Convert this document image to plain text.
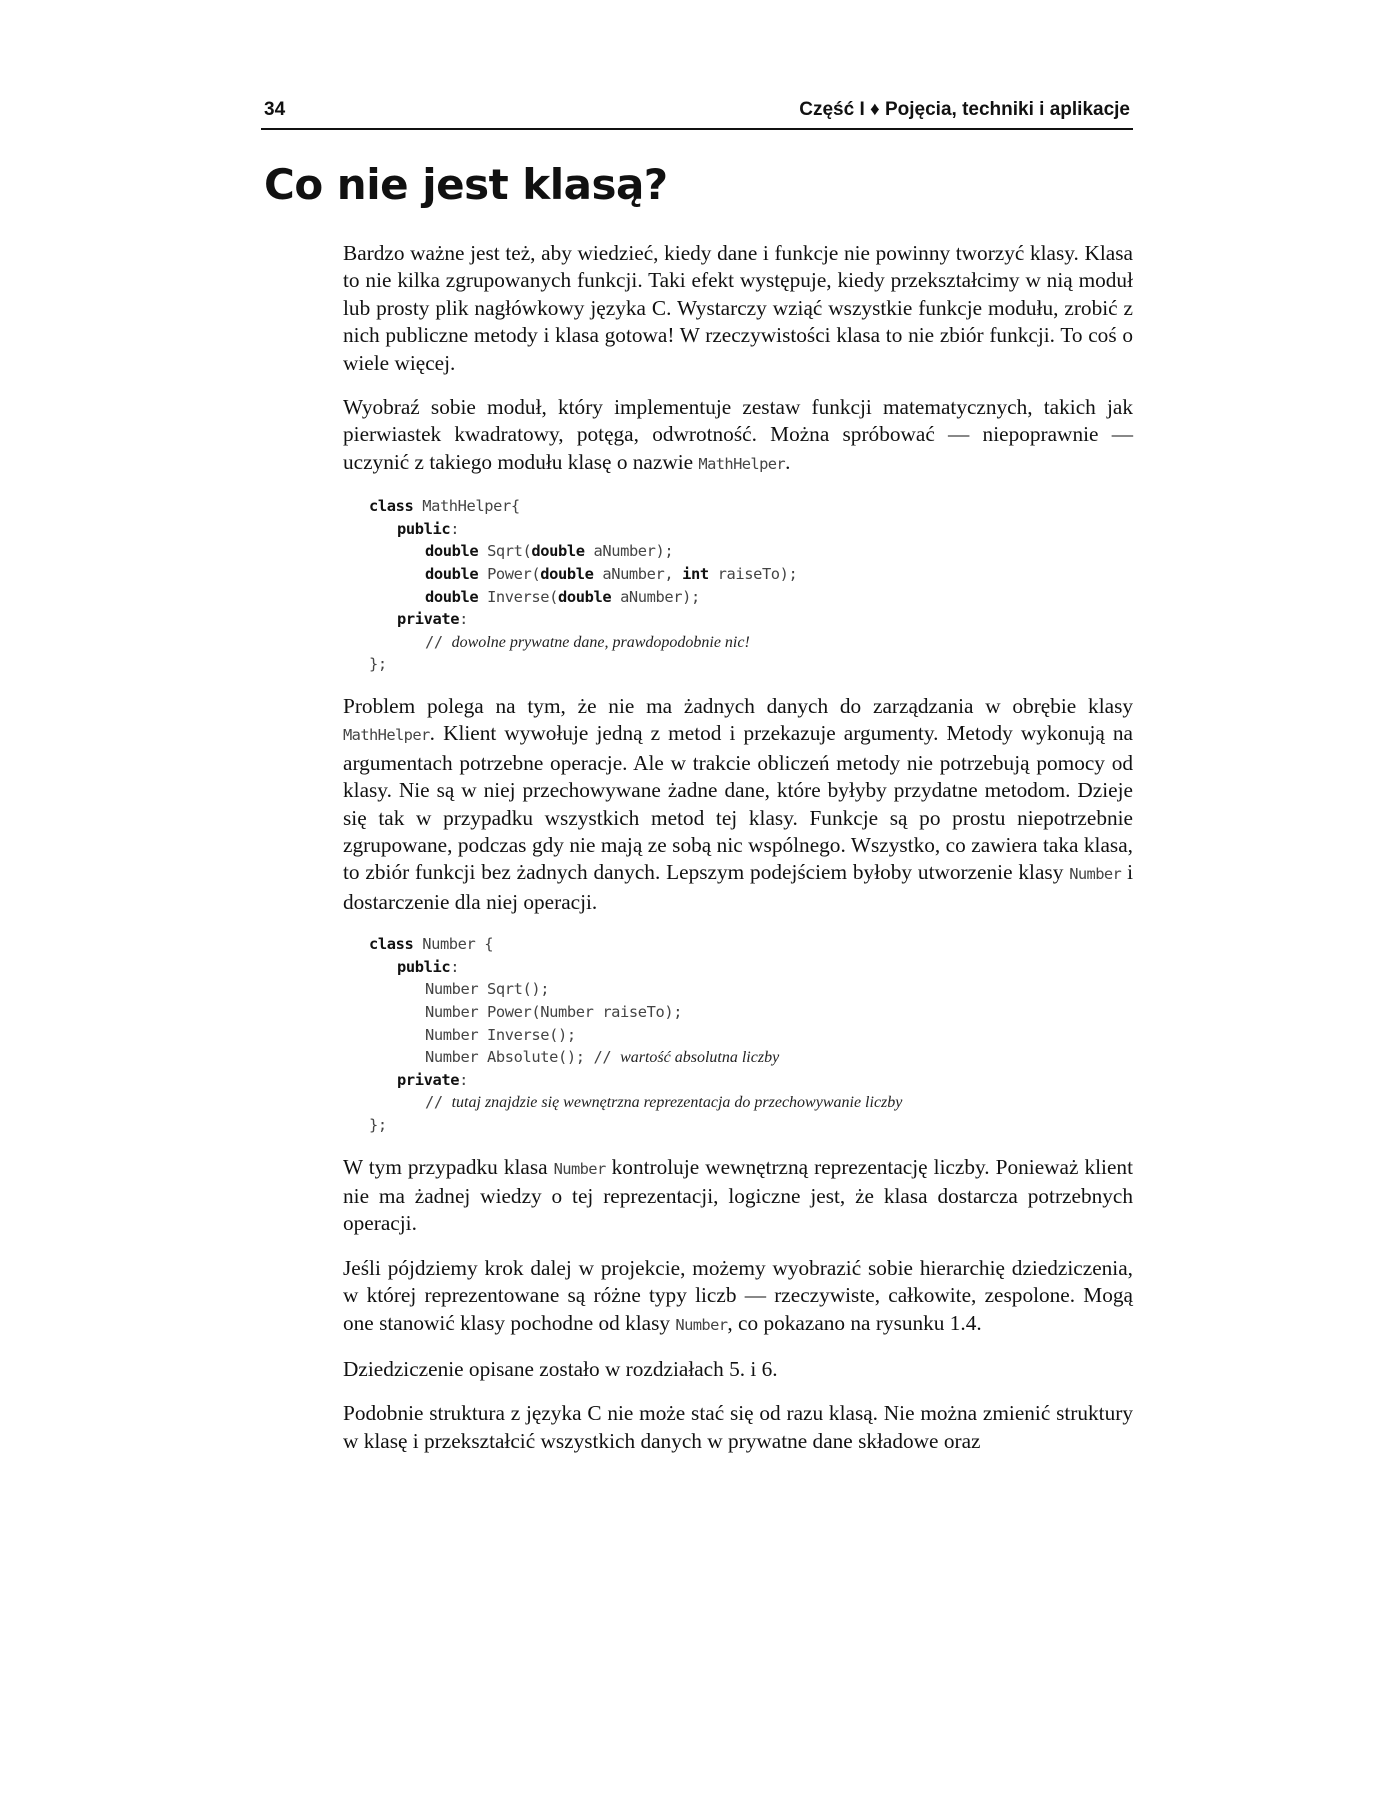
34	Część I ♦ Pojęcia, techniki i aplikacje
Co nie jest klasą?

Bardzo ważne jest też, aby wiedzieć, kiedy dane i funkcje nie powinny tworzyć klasy. Klasa to nie kilka zgrupowanych funkcji. Taki efekt występuje, kiedy przekształcimy w nią moduł lub prosty plik nagłówkowy języka C. Wystarczy wziąć wszystkie funkcje modułu, zrobić z nich publiczne metody i klasa gotowa! W rzeczywistości klasa to nie zbiór funkcji. To coś o wiele więcej.

Wyobraź sobie moduł, który implementuje zestaw funkcji matematycznych, takich jak pierwiastek kwadratowy, potęga, odwrotność. Można spróbować — niepoprawnie — uczynić z takiego modułu klasę o nazwie MathHelper.

class MathHelper{
public:
double Sqrt(double aNumber);
double Power(double aNumber, int raiseTo);
double Inverse(double aNumber);
private:
// dowolne prywatne dane, prawdopodobnie nic!
};

Problem polega na tym, że nie ma żadnych danych do zarządzania w obrębie klasy MathHelper. Klient wywołuje jedną z metod i przekazuje argumenty. Metody wykonują na argumentach potrzebne operacje. Ale w trakcie obliczeń metody nie potrzebują pomocy od klasy. Nie są w niej przechowywane żadne dane, które byłyby przydatne metodom. Dzieje się tak w przypadku wszystkich metod tej klasy. Funkcje są po prostu niepotrzebnie zgrupowane, podczas gdy nie mają ze sobą nic wspólnego. Wszystko, co zawiera taka klasa, to zbiór funkcji bez żadnych danych. Lepszym podejściem byłoby utworzenie klasy Number i dostarczenie dla niej operacji.

class Number {
public:
Number Sqrt();
Number Power(Number raiseTo);
Number Inverse();
Number Absolute(); // wartość absolutna liczby
private:
// tutaj znajdzie się wewnętrzna reprezentacja do przechowywanie liczby
};

W tym przypadku klasa Number kontroluje wewnętrzną reprezentację liczby. Ponieważ klient nie ma żadnej wiedzy o tej reprezentacji, logiczne jest, że klasa dostarcza potrzebnych operacji.

Jeśli pójdziemy krok dalej w projekcie, możemy wyobrazić sobie hierarchię dziedziczenia, w której reprezentowane są różne typy liczb — rzeczywiste, całkowite, zespolone. Mogą one stanowić klasy pochodne od klasy Number, co pokazano na rysunku 1.4.

Dziedziczenie opisane zostało w rozdziałach 5. i 6.

Podobnie struktura z języka C nie może stać się od razu klasą. Nie można zmienić struktury w klasę i przekształcić wszystkich danych w prywatne dane składowe oraz
